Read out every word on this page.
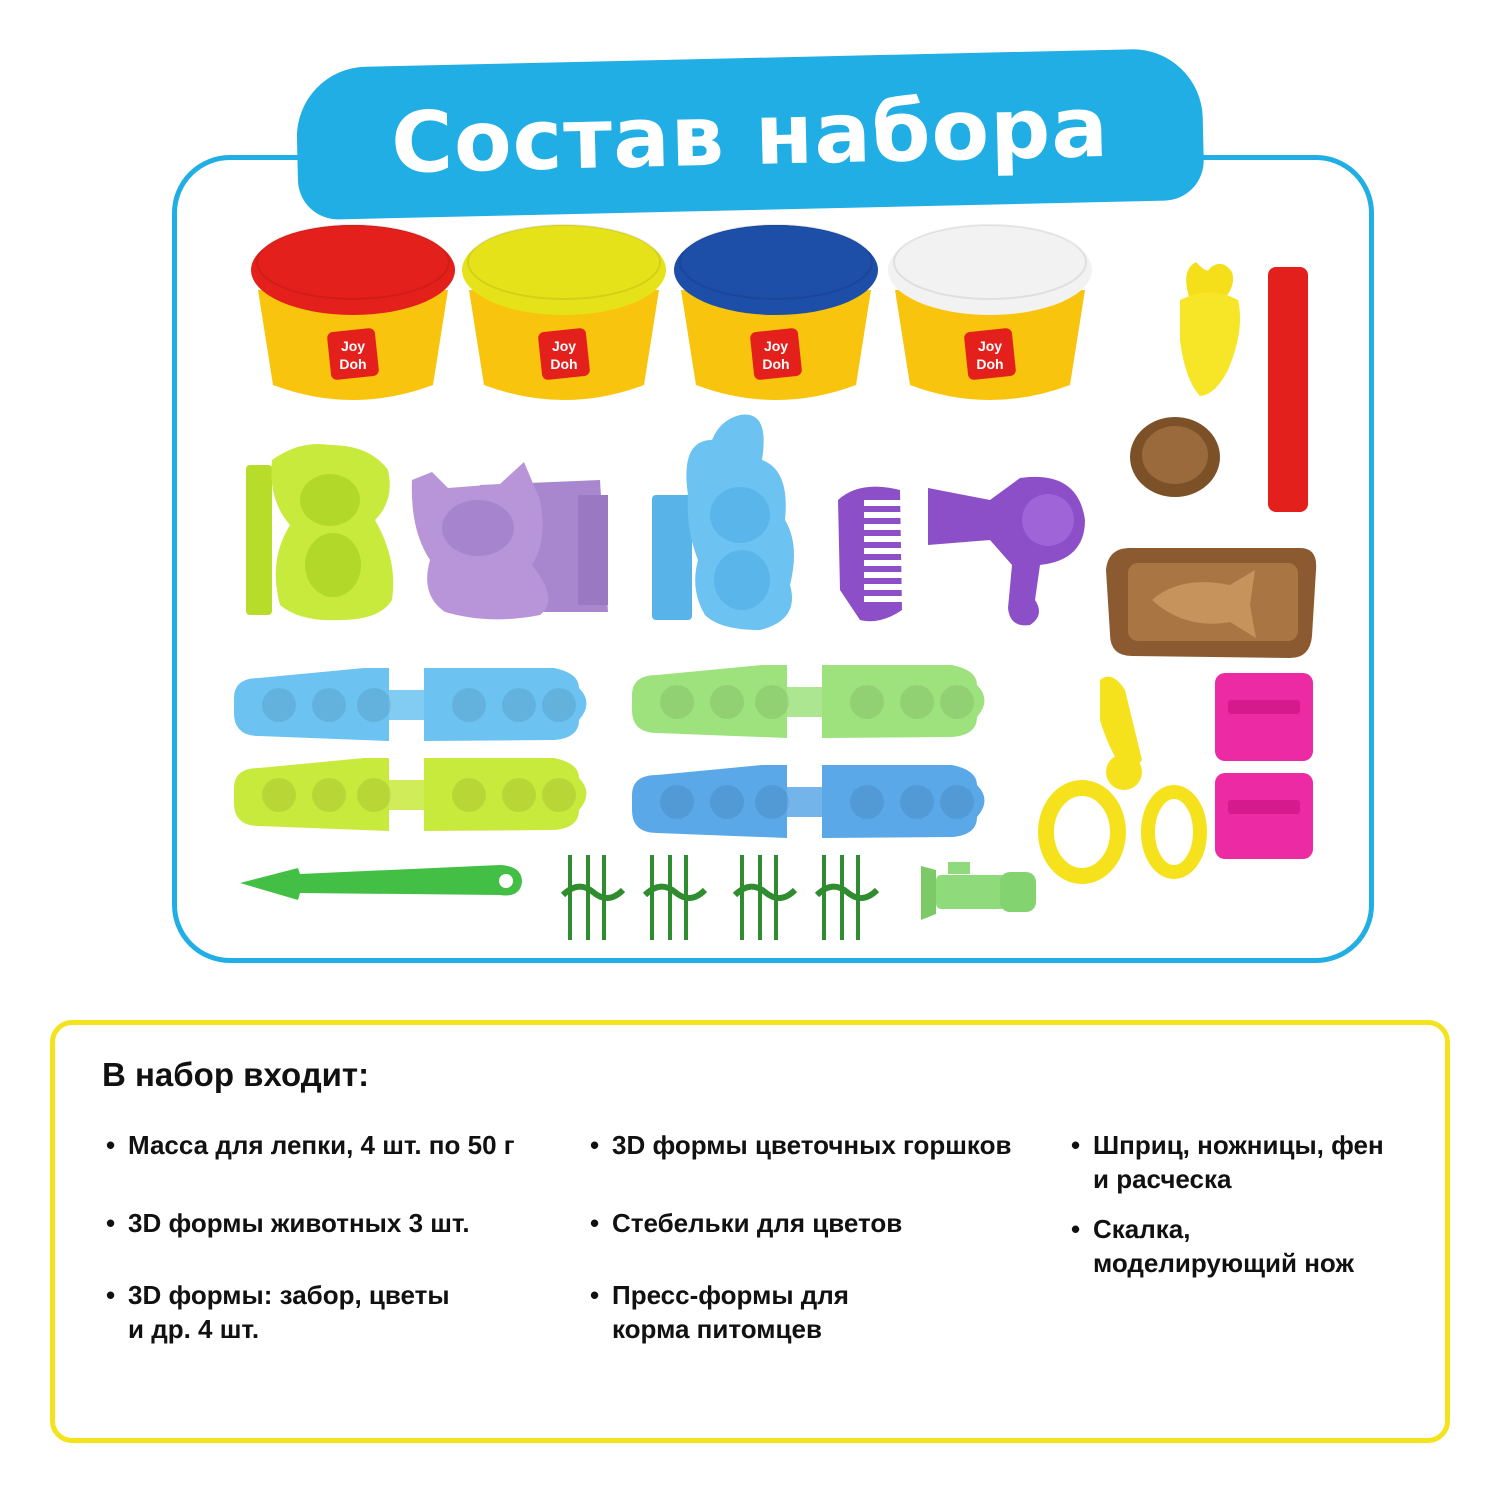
Состав набора
Joy
Doh
Joy
Doh
Joy
Doh
Joy
Doh
В набор входит:
• Масса для лепки, 4 шт. по 50 г
• 3D формы животных 3 шт.
• 3D формы: забор, цветы
и др. 4 шт.
• 3D формы цветочных горшков
• Стебельки для цветов
• Пресс-формы для
корма питомцев
• Шприц, ножницы, фен
и расческа
• Скалка,
моделирующий нож
